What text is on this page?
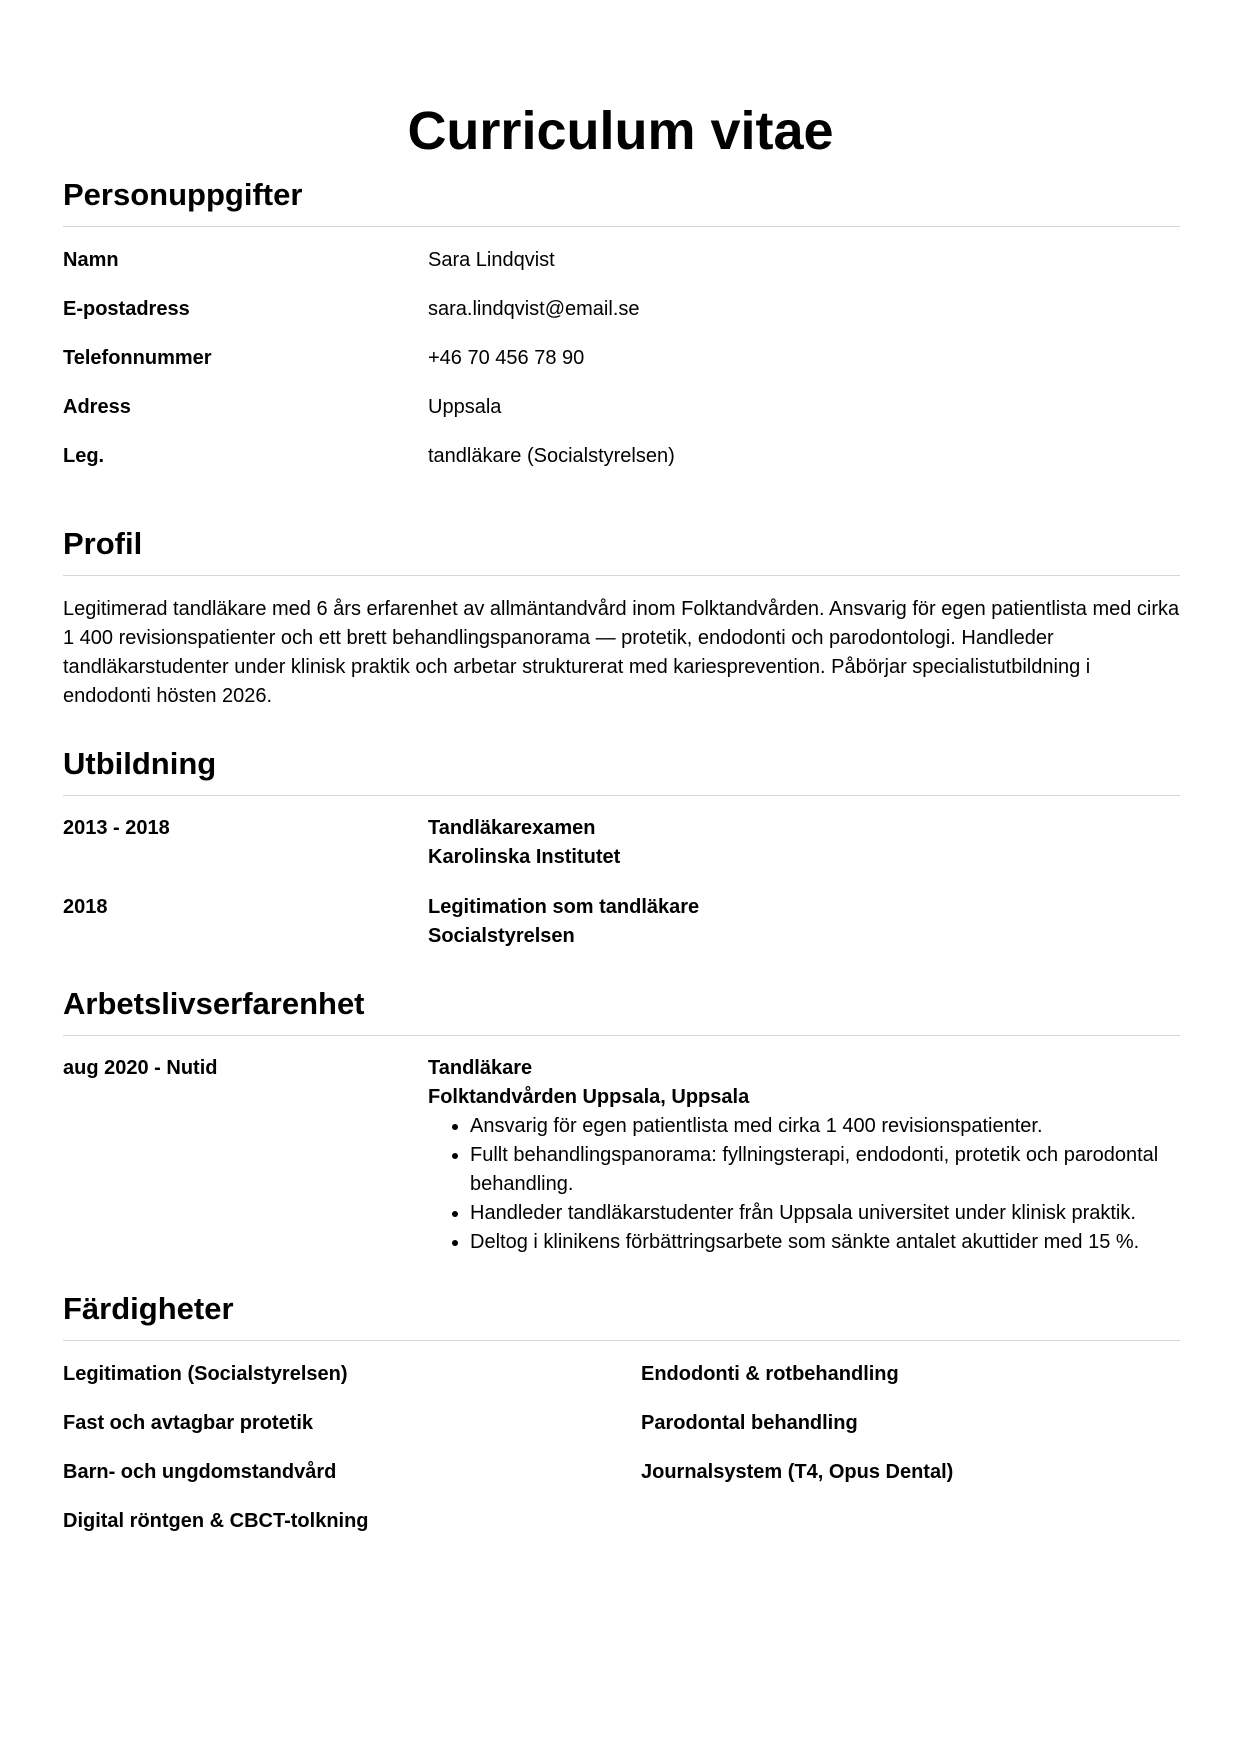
Curriculum vitae
Personuppgifter
Namn	Sara Lindqvist
E-postadress	sara.lindqvist@email.se
Telefonnummer	+46 70 456 78 90
Adress	Uppsala
Leg.	tandläkare (Socialstyrelsen)
Profil

Legitimerad tandläkare med 6 års erfarenhet av allmäntandvård inom Folktandvården. Ansvarig för egen patientlista med cirka 1 400 revisionspatienter och ett brett behandlingspanorama — protetik, endodonti och parodontologi. Handleder tandläkarstudenter under klinisk praktik och arbetar strukturerat med kariesprevention. Påbörjar specialistutbildning i endodonti hösten 2026.

Utbildning
2013 - 2018	Tandläkarexamen
Karolinska Institutet
2018	Legitimation som tandläkare
Socialstyrelsen
Arbetslivserfarenhet
aug 2020 - Nutid	Tandläkare
Folktandvården Uppsala, Uppsala
• Ansvarig för egen patientlista med cirka 1 400 revisionspatienter.
• Fullt behandlingspanorama: fyllningsterapi, endodonti, protetik och parodontal behandling.
• Handleder tandläkarstudenter från Uppsala universitet under klinisk praktik.
• Deltog i klinikens förbättringsarbete som sänkte antalet akuttider med 15 %.
Färdigheter
Legitimation (Socialstyrelsen)	Endodonti & rotbehandling
Fast och avtagbar protetik	Parodontal behandling
Barn- och ungdomstandvård	Journalsystem (T4, Opus Dental)
Digital röntgen & CBCT-tolkning
